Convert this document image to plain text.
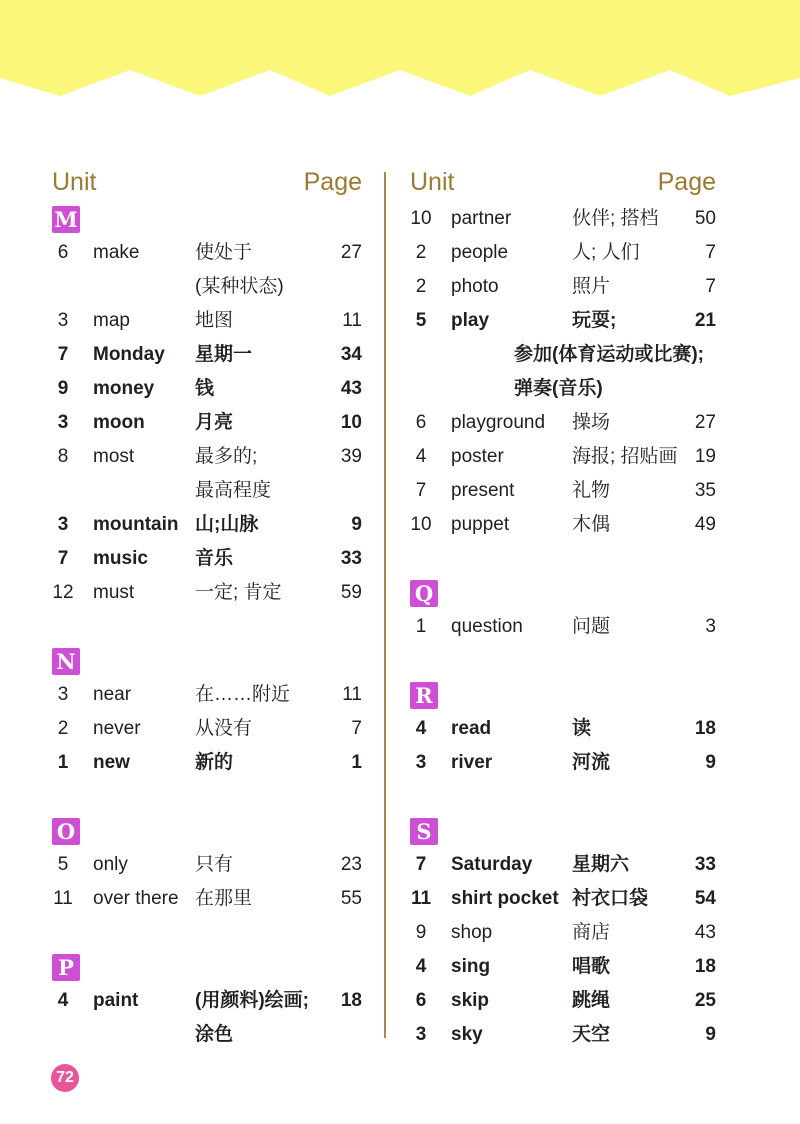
Unit	Page
M
6	make	使处于	27
(某种状态)
3	map	地图	11
7	Monday 星期一	34
9	money 钱	43
3	moon	月亮	10
8	most	最多的;	39
最高程度
3	mountain 山;山脉	9
7	music 音乐	33
12 must	一定; 肯定	59
N
3	near	在……附近	11
2	never	从没有	7
1	new	新的	1
O
5	only	只有	23
11 over there 在那里	55
P
4	paint	(用颜料)绘画; 18
涂色
Unit	Page
10 partner	伙伴; 搭档 50
2	people	人; 人们	7
2	photo	照片	7
5	play	玩耍;	21
参加(体育运动或比赛);
弹奏(音乐)
6	playground 操场	27
4	poster	海报; 招贴画 19
7	present	礼物	35
10 puppet	木偶	49
Q
1	question	问题	3
R
4	read	读	18
3	river	河流	9
S
7	Saturday 星期六	33
11 shirt pocket 衬衣口袋 54
9	shop	商店	43
4	sing	唱歌	18
6	skip	跳绳	25
3	sky	天空	9
72
